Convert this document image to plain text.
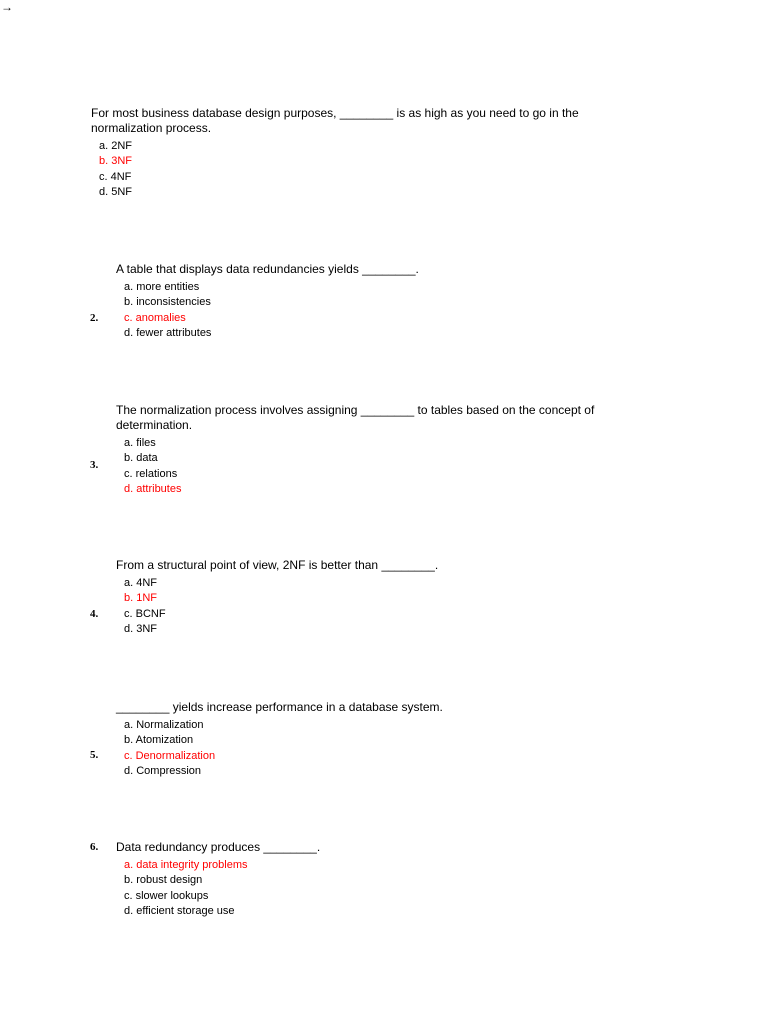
→

For most business database design purposes, ________ is as high as you need to go in the normalization process.

a. 2NF
b. 3NF
c. 4NF
d. 5NF
2.

A table that displays data redundancies yields ________.

a. more entities
b. inconsistencies
c. anomalies
d. fewer attributes
3.

The normalization process involves assigning ________ to tables based on the concept of determination.

a. files
b. data
c. relations
d. attributes
4.

From a structural point of view, 2NF is better than ________.

a. 4NF
b. 1NF
c. BCNF
d. 3NF
5.

________ yields increase performance in a database system.

a. Normalization
b. Atomization
c. Denormalization
d. Compression
6. Data redundancy produces ________.

a. data integrity problems
b. robust design
c. slower lookups
d. efficient storage use
